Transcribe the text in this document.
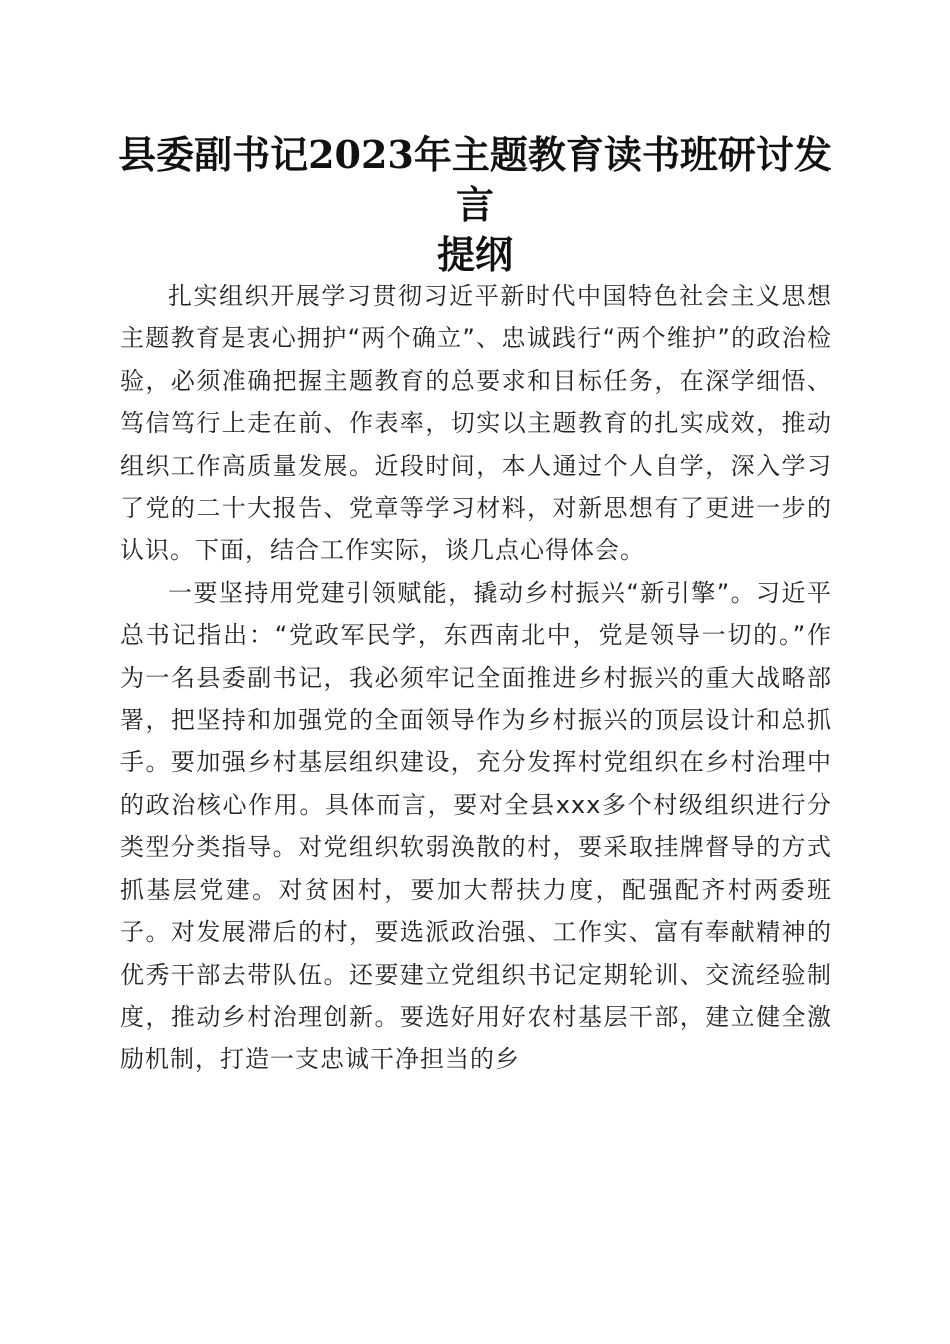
县委副书记2023年主题教育读书班研讨发言
提纲

扎实组织开展学习贯彻习近平新时代中国特色社会主义思想主题教育是衷心拥护“两个确立”、忠诚践行“两个维护”的政治检验，必须准确把握主题教育的总要求和目标任务，在深学细悟、笃信笃行上走在前、作表率，切实以主题教育的扎实成效，推动组织工作高质量发展。近段时间，本人通过个人自学，深入学习了党的二十大报告、党章等学习材料，对新思想有了更进一步的认识。下面，结合工作实际，谈几点心得体会。

一要坚持用党建引领赋能，撬动乡村振兴“新引擎”。习近平总书记指出：“党政军民学，东西南北中，党是领导一切的。”作为一名县委副书记，我必须牢记全面推进乡村振兴的重大战略部署，把坚持和加强党的全面领导作为乡村振兴的顶层设计和总抓手。要加强乡村基层组织建设，充分发挥村党组织在乡村治理中的政治核心作用。具体而言，要对全县xxx多个村级组织进行分类型分类指导。对党组织软弱涣散的村，要采取挂牌督导的方式抓基层党建。对贫困村，要加大帮扶力度，配强配齐村两委班子。对发展滞后的村，要选派政治强、工作实、富有奉献精神的优秀干部去带队伍。还要建立党组织书记定期轮训、交流经验制度，推动乡村治理创新。要选好用好农村基层干部，建立健全激励机制，打造一支忠诚干净担当的乡
